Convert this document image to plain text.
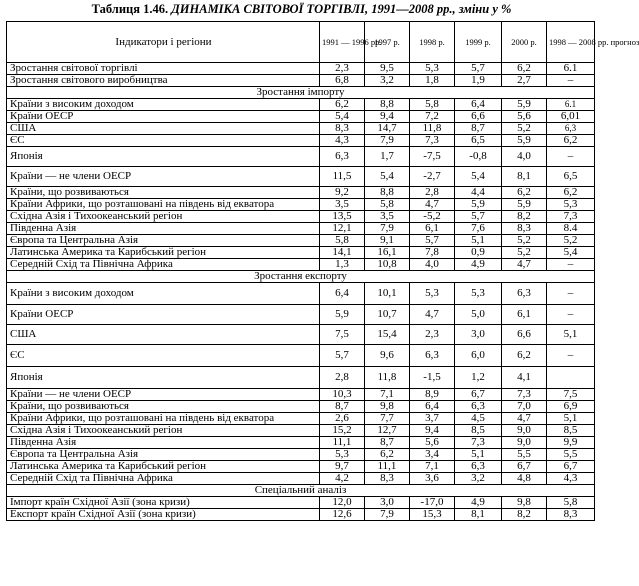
Таблиця 1.46. ДИНАМІКА СВІТОВОЇ ТОРГІВЛІ, 1991—2008 рр., зміни у %
Індикатори і регіони	1991 — 1996 рр.	1997 р.	1998 р.	1999 р.	2000 р.	1998 — 2008 рр. прогноз
Зростання світової торгівлі	2,3	9,5	5,3	5,7	6,2	6.1
Зростання світового виробництва	6,8	3,2	1,8	1,9	2,7	–
Зростання імпорту						
Країни з високим доходом	6,2	8,8	5,8	6,4	5,9	6.1
Країни ОЕСР	5,4	9,4	7,2	6,6	5,6	6,01
США	8,3	14,7	11,8	8,7	5,2	6,3
ЄС	4,3	7,9	7,3	6,5	5,9	6,2
Японія	6,3	1,7	-7,5	-0,8	4,0	–
Країни — не члени ОЕСР	11,5	5,4	-2,7	5,4	8,1	6,5
Країни, що розвиваються	9,2	8,8	2,8	4,4	6,2	6,2
Країни Африки, що розташовані на південь від екватора	3,5	5,8	4,7	5,9	5,9	5,3
Східна Азія і Тихоокеанський регіон	13,5	3,5	-5,2	5,7	8,2	7,3
Південна Азія	12,1	7,9	6,1	7,6	8,3	8.4
Європа та Центральна Азія	5,8	9,1	5,7	5,1	5,2	5,2
Латинська Америка та Карибський регіон	14,1	16,1	7,8	0,9	5,2	5,4
Середній Схід та Північна Африка	1,3	10,8	4,0	4,9	4,7	–
Зростання експорту						
Країни з високим доходом	6,4	10,1	5,3	5,3	6,3	–
Країни ОЕСР	5,9	10,7	4,7	5,0	6,1	–
США	7,5	15,4	2,3	3,0	6,6	5,1
ЄС	5,7	9,6	6,3	6,0	6,2	–
Японія	2,8	11,8	-1,5	1,2	4,1	
Країни — не члени ОЕСР	10,3	7,1	8,9	6,7	7,3	7,5
Країни, що розвиваються	8,7	9,8	6,4	6,3	7,0	6,9
Країни Африки, що розташовані на південь від екватора	2,6	7,7	3,7	4,5	4,7	5,1
Східна Азія і Тихоокеанський регіон	15,2	12,7	9,4	8,5	9,0	8,5
Південна Азія	11,1	8,7	5,6	7,3	9,0	9,9
Європа та Центральна Азія	5,3	6,2	3,4	5,1	5,5	5,5
Латинська Америка та Карибський регіон	9,7	11,1	7,1	6,3	6,7	6,7
Середній Схід та Північна Африка	4,2	8,3	3,6	3,2	4,8	4,3
Спеціальний аналіз						
Імпорт країн Східної Азії (зона кризи)	12,0	3,0	-17,0	4,9	9,8	5,8
Експорт країн Східної Азії (зона кризи)	12,6	7,9	15,3	8,1	8,2	8,3
